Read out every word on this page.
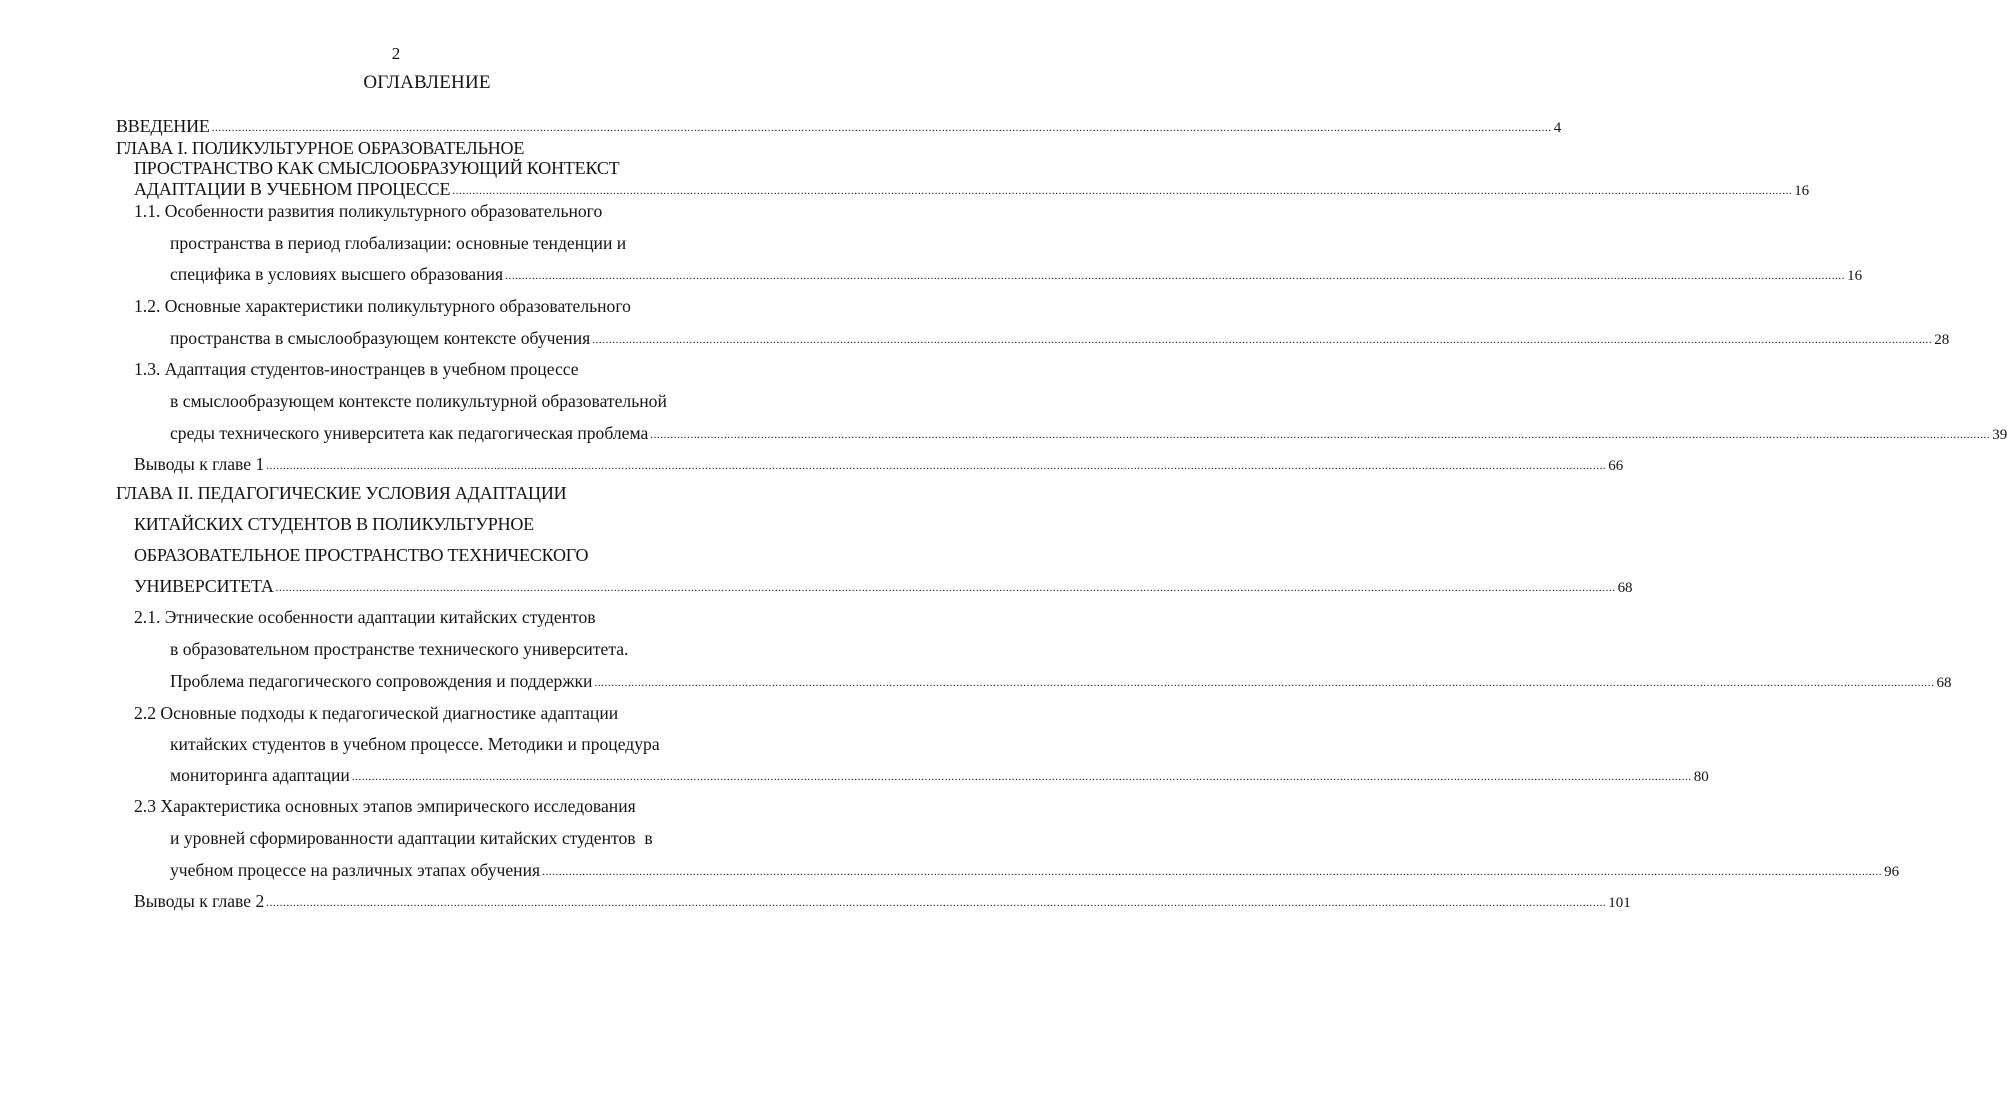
2
ОГЛАВЛЕНИЕ
ВВЕДЕНИЕ ................................................................................................................................................................................................................................................................................................................................................................................................................ 4
ГЛАВА I. ПОЛИКУЛЬТУРНОЕ ОБРАЗОВАТЕЛЬНОЕ
ПРОСТРАНСТВО КАК СМЫСЛООБРАЗУЮЩИЙ КОНТЕКСТ
АДАПТАЦИИ В УЧЕБНОМ ПРОЦЕССЕ ................................................................................................................................................................................................................................................................................................................................................................................................................ 16
1.1. Особенности развития поликультурного образовательного
пространства в период глобализации: основные тенденции и
специфика в условиях высшего образования ................................................................................................................................................................................................................................................................................................................................................................................................................ 16
1.2. Основные характеристики поликультурного образовательного
пространства в смыслообразующем контексте обучения ................................................................................................................................................................................................................................................................................................................................................................................................................ 28
1.3. Адаптация студентов-иностранцев в учебном процессе
в смыслообразующем контексте поликультурной образовательной
среды технического университета как педагогическая проблема ................................................................................................................................................................................................................................................................................................................................................................................................................ 39
Выводы к главе 1 ................................................................................................................................................................................................................................................................................................................................................................................................................ 66
ГЛАВА II. ПЕДАГОГИЧЕСКИЕ УСЛОВИЯ АДАПТАЦИИ
КИТАЙСКИХ СТУДЕНТОВ В ПОЛИКУЛЬТУРНОЕ
ОБРАЗОВАТЕЛЬНОЕ ПРОСТРАНСТВО ТЕХНИЧЕСКОГО
УНИВЕРСИТЕТА ................................................................................................................................................................................................................................................................................................................................................................................................................ 68
2.1. Этнические особенности адаптации китайских студентов
в образовательном пространстве технического университета.
Проблема педагогического сопровождения и поддержки ................................................................................................................................................................................................................................................................................................................................................................................................................ 68
2.2 Основные подходы к педагогической диагностике адаптации
китайских студентов в учебном процессе. Методики и процедура
мониторинга адаптации ................................................................................................................................................................................................................................................................................................................................................................................................................ 80
2.3 Характеристика основных этапов эмпирического исследования
и уровней сформированности адаптации китайских студентов  в
учебном процессе на различных этапах обучения ................................................................................................................................................................................................................................................................................................................................................................................................................ 96
Выводы к главе 2 ................................................................................................................................................................................................................................................................................................................................................................................................................ 101
